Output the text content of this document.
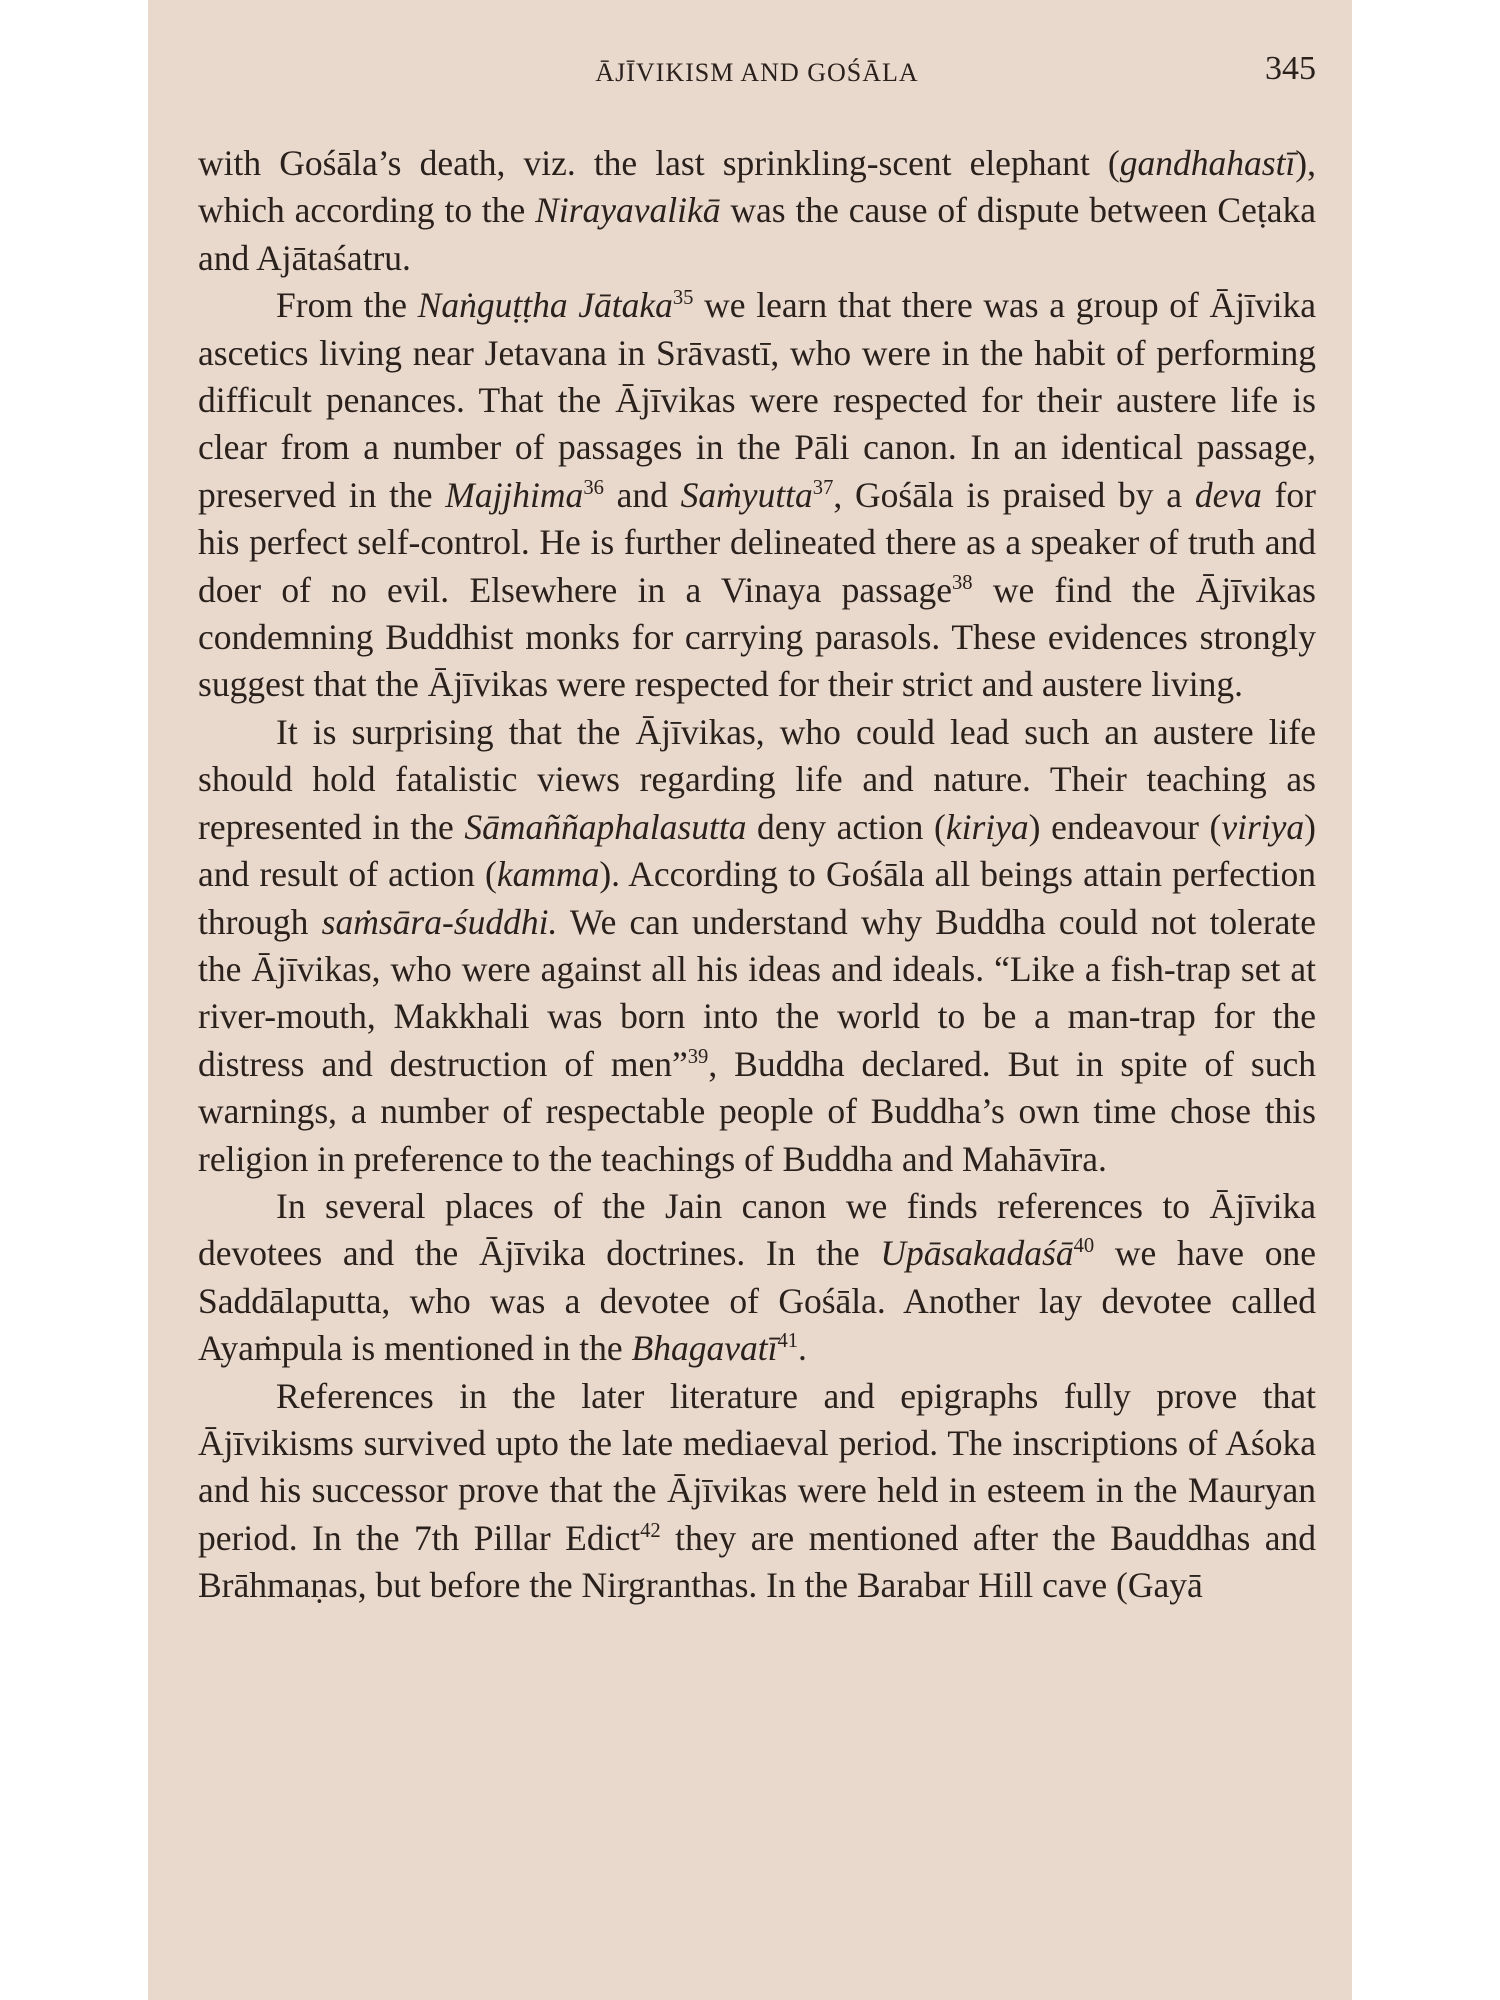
ĀJĪVIKISM AND GOŚĀLA	345

with Gośāla’s death, viz. the last sprinkling-scent elephant (gandhahastī), which according to the Nirayavalikā was the cause of dispute between Ceṭaka and Ajātaśatru.

From the Naṅguṭṭha Jātaka$^{35}$ we learn that there was a group of Ājīvika ascetics living near Jetavana in Srāvastī, who were in the habit of performing difficult penances. That the Ājīvikas were respected for their austere life is clear from a number of passages in the Pāli canon. In an identical passage, preserved in the Majjhima$^{36}$ and Saṁyutta$^{37}$, Gośāla is praised by a deva for his perfect self-control. He is further delineated there as a speaker of truth and doer of no evil. Elsewhere in a Vinaya passage$^{38}$ we find the Ājīvikas condemning Buddhist monks for carrying parasols. These evidences strongly suggest that the Ājīvikas were respected for their strict and austere living.

It is surprising that the Ājīvikas, who could lead such an austere life should hold fatalistic views regarding life and nature. Their teaching as represented in the Sāmaññaphalasutta deny action (kiriya) endeavour (viriya) and result of action (kamma). According to Gośāla all beings attain perfection through saṁsāra-śuddhi. We can understand why Buddha could not tolerate the Ājīvikas, who were against all his ideas and ideals. “Like a fish-trap set at river-mouth, Makkhali was born into the world to be a man-trap for the distress and destruction of men”$^{39}$, Buddha declared. But in spite of such warnings, a number of respectable people of Buddha’s own time chose this religion in preference to the teachings of Buddha and Mahāvīra.

In several places of the Jain canon we finds references to Ājīvika devotees and the Ājīvika doctrines. In the Upāsakadaśā$^{40}$ we have one Saddālaputta, who was a devotee of Gośāla. Another lay devotee called Ayaṁpula is mentioned in the Bhagavatī$^{41}$.

References in the later literature and epigraphs fully prove that Ājīvikisms survived upto the late mediaeval period. The inscriptions of Aśoka and his successor prove that the Ājīvikas were held in esteem in the Mauryan period. In the 7th Pillar Edict$^{42}$ they are mentioned after the Bauddhas and Brāhmaṇas, but before the Nirgranthas. In the Barabar Hill cave (Gayā
